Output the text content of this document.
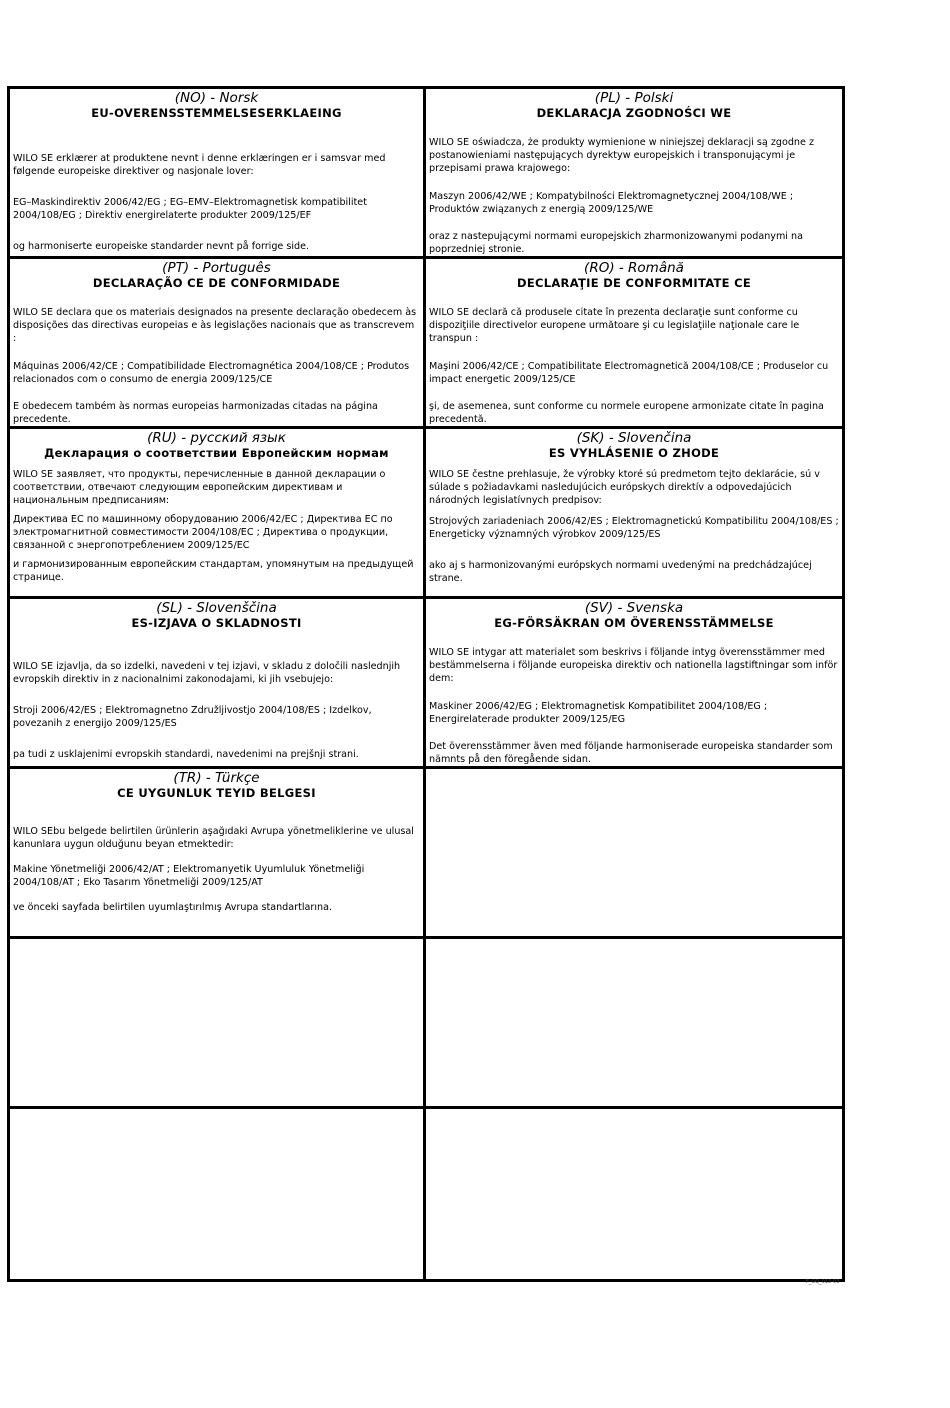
(NO) - Norsk

EU-OVERENSSTEMMELSESERKLAEING

WILO SE erklærer at produktene nevnt i denne erklæringen er i samsvar med følgende europeiske direktiver og nasjonale lover:

EG–Maskindirektiv 2006/42/EG ; EG–EMV–Elektromagnetisk kompatibilitet 2004/108/EG ; Direktiv energirelaterte produkter 2009/125/EF

og harmoniserte europeiske standarder nevnt på forrige side.

(PL) - Polski

DEKLARACJA ZGODNOŚCI WE

WILO SE oświadcza, że produkty wymienione w niniejszej deklaracji są zgodne z postanowieniami następujących dyrektyw europejskich i transponującymi je przepisami prawa krajowego:

Maszyn 2006/42/WE ; Kompatybilności Elektromagnetycznej 2004/108/WE ; Produktów związanych z energią 2009/125/WE

oraz z nastepującymi normami europejskich zharmonizowanymi podanymi na poprzedniej stronie.

(PT) - Português

DECLARAÇÃO CE DE CONFORMIDADE

WILO SE declara que os materiais designados na presente declaração obedecem às disposições das directivas europeias e às legislações nacionais que as transcrevem :

Máquinas 2006/42/CE ; Compatibilidade Electromagnética 2004/108/CE ; Produtos relacionados com o consumo de energia 2009/125/CE

E obedecem também às normas europeias harmonizadas citadas na página precedente.

(RO) - Română

DECLARAŢIE DE CONFORMITATE CE

WILO SE declară că produsele citate în prezenta declaraţie sunt conforme cu dispoziţiile directivelor europene următoare şi cu legislaţiile naţionale care le transpun :

Maşini 2006/42/CE ; Compatibilitate Electromagnetică 2004/108/CE ; Produselor cu impact energetic 2009/125/CE

şi, de asemenea, sunt conforme cu normele europene armonizate citate în pagina precedentă.

(RU) - русский язык

Декларация о соответствии Европейским нормам

WILO SE заявляет, что продукты, перечисленные в данной декларации о соответствии, отвечают следующим европейским директивам и национальным предписаниям:

Директива ЕС по машинному оборудованию 2006/42/ЕС ; Директива ЕС по электромагнитной совместимости 2004/108/ЕС ; Директива о продукции, связанной с энергопотреблением 2009/125/ЕС

и гармонизированным европейским стандартам, упомянутым на предыдущей странице.

(SK) - Slovenčina

ES VYHLÁSENIE O ZHODE

WILO SE čestne prehlasuje, že výrobky ktoré sú predmetom tejto deklarácie, sú v súlade s požiadavkami nasledujúcich európskych direktív a odpovedajúcich národných legislatívnych predpisov:

Strojových zariadeniach 2006/42/ES ; Elektromagnetickú Kompatibilitu 2004/108/ES ; Energeticky významných výrobkov 2009/125/ES

ako aj s harmonizovanými európskych normami uvedenými na predchádzajúcej strane.

(SL) - Slovenščina

ES-IZJAVA O SKLADNOSTI

WILO SE izjavlja, da so izdelki, navedeni v tej izjavi, v skladu z določili naslednjih evropskih direktiv in z nacionalnimi zakonodajami, ki jih vsebujejo:

Stroji 2006/42/ES ; Elektromagnetno Združljivostjo 2004/108/ES ; Izdelkov, povezanih z energijo 2009/125/ES

pa tudi z usklajenimi evropskih standardi, navedenimi na prejšnji strani.

(SV) - Svenska

EG-FÖRSÄKRAN OM ÖVERENSSTÄMMELSE

WILO SE intygar att materialet som beskrivs i följande intyg överensstämmer med bestämmelserna i följande europeiska direktiv och nationella lagstiftningar som inför dem:

Maskiner 2006/42/EG ; Elektromagnetisk Kompatibilitet 2004/108/EG ; Energirelaterade produkter 2009/125/EG

Det överensstämmer även med följande harmoniserade europeiska standarder som nämnts på den föregående sidan.

(TR) - Türkçe

CE UYGUNLUK TEYID BELGESI

WILO SEbu belgede belirtilen ürünlerin aşağıdaki Avrupa yönetmeliklerine ve ulusal kanunlara uygun olduğunu beyan etmektedir:

Makine Yönetmeliği 2006/42/AT ; Elektromanyetik Uyumluluk Yönetmeliği 2004/108/AT ; Eko Tasarım Yönetmeliği 2009/125/AT

ve önceki sayfada belirtilen uyumlaştırılmış Avrupa standartlarına.

F_GQ_013-03
